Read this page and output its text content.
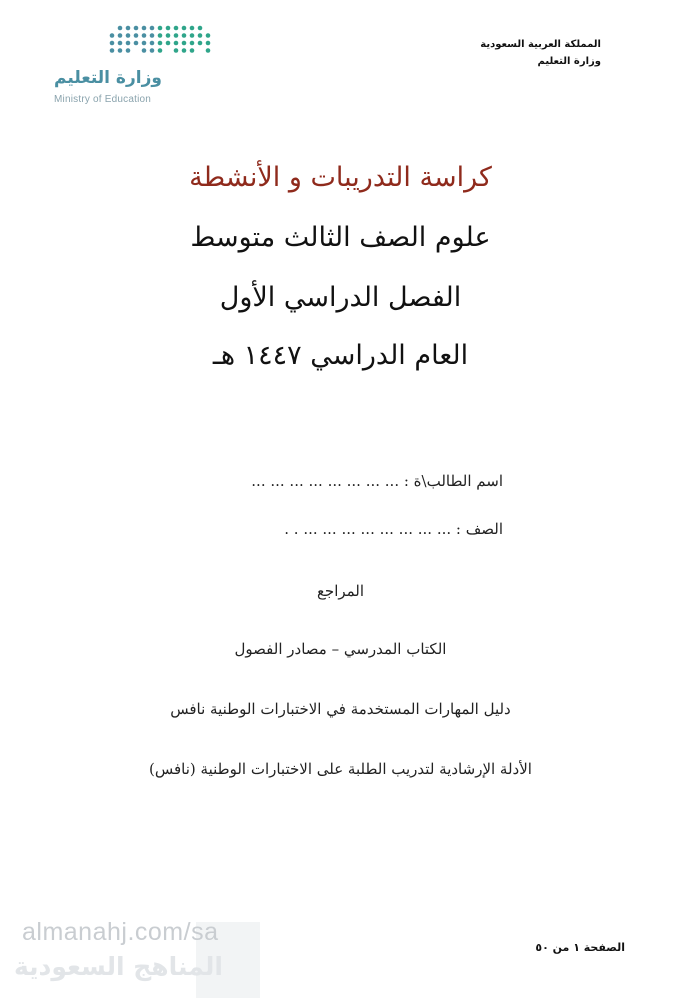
المملكة العربية السعودية
وزارة التعليم
وزارة التعليم
Ministry of Education
كراسة التدريبات و الأنشطة
علوم الصف الثالث متوسط
الفصل الدراسي الأول
العام الدراسي ١٤٤٧ هـ
اسم الطالب\ة : ... ... ... ... ... ... ... ...
الصف : ... ... ... ... ... ... ... ... . .
المراجع
الكتاب المدرسي – مصادر الفصول
دليل المهارات المستخدمة في الاختبارات الوطنية نافس
الأدلة الإرشادية لتدريب الطلبة على الاختبارات الوطنية (نافس)
almanahj.com/sa
المناهج السعودية
الصفحة ١ من ٥٠
